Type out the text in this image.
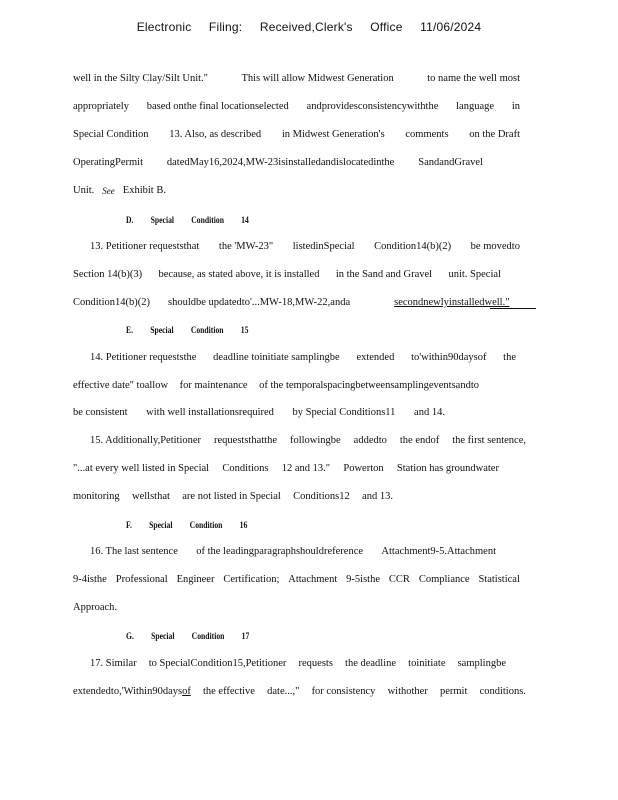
Electronic Filing: Received,Clerk's Office 11/06/2024
well in the Silty Clay/Silt Unit."	This will allow Midwest Generation	to name the well most
appropriately based onthe final locationselected andprovidesconsistencywiththe language in
Special Condition 13. Also, as described in Midwest Generation's comments on the Draft
OperatingPermit datedMay16,2024,MW-23isinstalledandislocatedinthe SandandGravel
Unit. See Exhibit B.
D. Special Condition 14
13. Petitioner requeststhat the 'MW-23" listedinSpecial Condition14(b)(2) be movedto
Section 14(b)(3) because, as stated above, it is installed in the Sand and Gravel unit. Special
Condition14(b)(2) shouldbe updatedto'...MW-18,MW-22,anda	secondnewlyinstalledwell."
E. Special Condition 15
14. Petitioner requeststhe deadline toinitiate samplingbe extended to'within90daysof the
effective date" toallow for maintenance of the temporalspacingbetweensamplingeventsandto
be consistent with well installationsrequired by Special Conditions11 and 14.
15. Additionally,Petitioner requeststhatthe followingbe addedto the endof the first sentence,
"...at every well listed in Special Conditions 12 and 13." Powerton Station has groundwater
monitoring wellsthat are not listed in Special Conditions12 and 13.
F. Special Condition 16
16. The last sentence of the leadingparagraphshouldreference Attachment9-5.Attachment
9-4isthe Professional Engineer Certification; Attachment 9-5isthe CCR Compliance Statistical
Approach.
G. Special Condition 17
17. Similar to SpecialCondition15,Petitioner requests the deadline toinitiate samplingbe
extendedto,'Within90daysof the effective date...," for consistency withother permit conditions.
